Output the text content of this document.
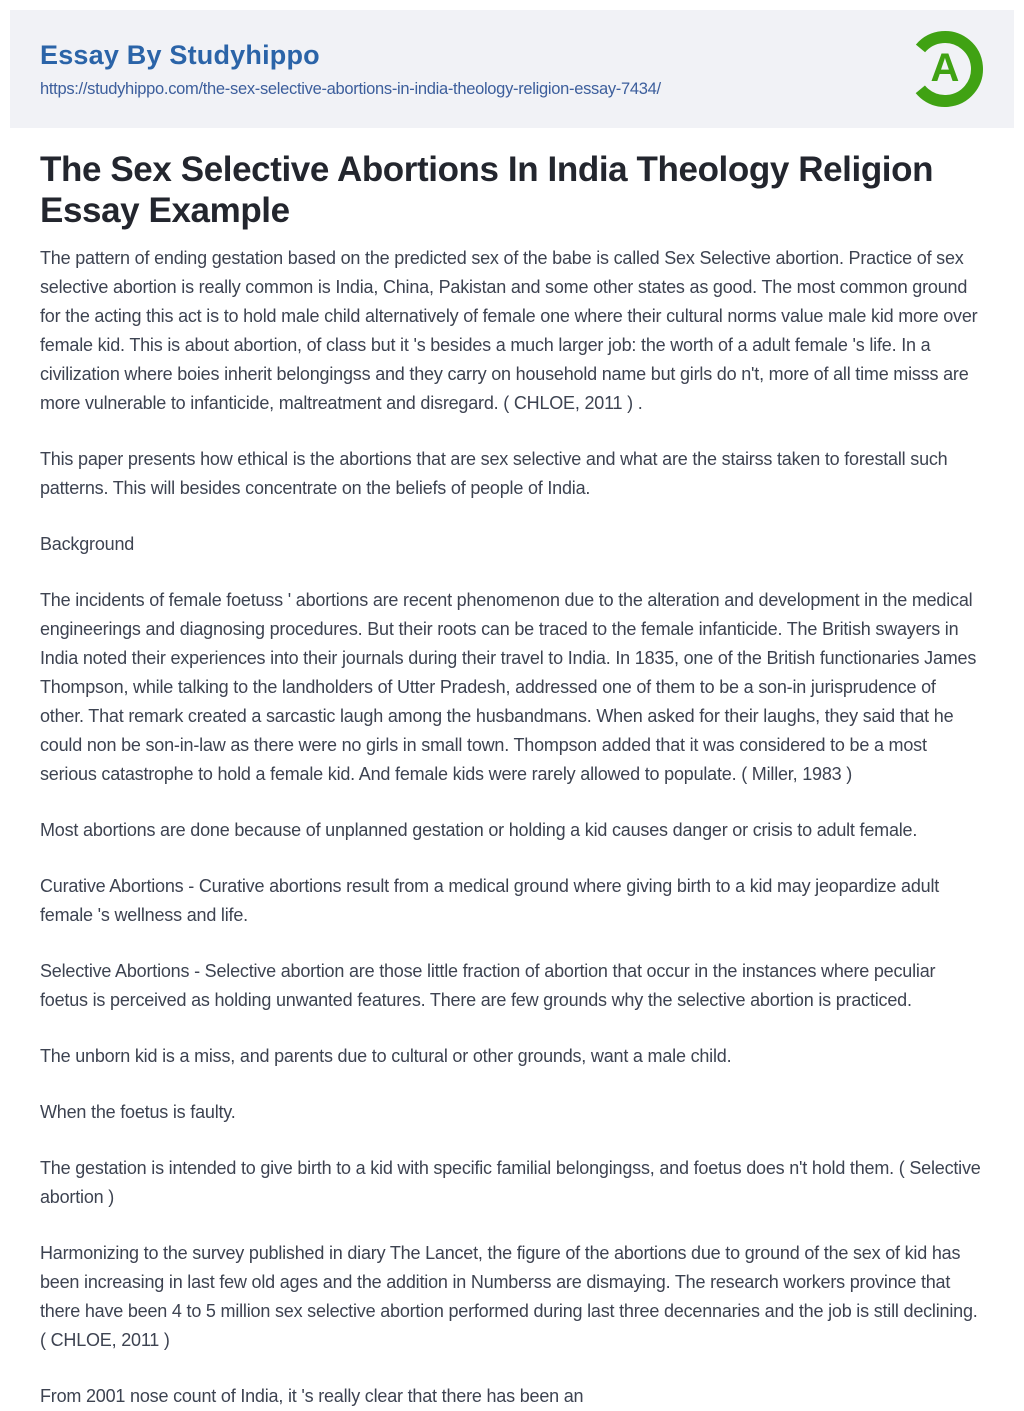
Essay By Studyhippo
https://studyhippo.com/the-sex-selective-abortions-in-india-theology-religion-essay-7434/	A
The Sex Selective Abortions In India Theology Religion Essay Example

The pattern of ending gestation based on the predicted sex of the babe is called Sex Selective abortion. Practice of sex selective abortion is really common is India, China, Pakistan and some other states as good. The most common ground for the acting this act is to hold male child alternatively of female one where their cultural norms value male kid more over female kid. This is about abortion, of class but it 's besides a much larger job: the worth of a adult female 's life. In a civilization where boies inherit belongingss and they carry on household name but girls do n't, more of all time misss are more vulnerable to infanticide, maltreatment and disregard. ( CHLOE, 2011 ) .

This paper presents how ethical is the abortions that are sex selective and what are the stairss taken to forestall such patterns. This will besides concentrate on the beliefs of people of India.

Background

The incidents of female foetuss ' abortions are recent phenomenon due to the alteration and development in the medical engineerings and diagnosing procedures. But their roots can be traced to the female infanticide. The British swayers in India noted their experiences into their journals during their travel to India. In 1835, one of the British functionaries James Thompson, while talking to the landholders of Utter Pradesh, addressed one of them to be a son-in jurisprudence of other. That remark created a sarcastic laugh among the husbandmans. When asked for their laughs, they said that he could non be son-in-law as there were no girls in small town. Thompson added that it was considered to be a most serious catastrophe to hold a female kid. And female kids were rarely allowed to populate. ( Miller, 1983 )

Most abortions are done because of unplanned gestation or holding a kid causes danger or crisis to adult female.

Curative Abortions - Curative abortions result from a medical ground where giving birth to a kid may jeopardize adult female 's wellness and life.

Selective Abortions - Selective abortion are those little fraction of abortion that occur in the instances where peculiar foetus is perceived as holding unwanted features. There are few grounds why the selective abortion is practiced.

The unborn kid is a miss, and parents due to cultural or other grounds, want a male child.

When the foetus is faulty.

The gestation is intended to give birth to a kid with specific familial belongingss, and foetus does n't hold them. ( Selective abortion )

Harmonizing to the survey published in diary The Lancet, the figure of the abortions due to ground of the sex of kid has been increasing in last few old ages and the addition in Numberss are dismaying. The research workers province that there have been 4 to 5 million sex selective abortion performed during last three decennaries and the job is still declining. ( CHLOE, 2011 )

From 2001 nose count of India, it 's really clear that there has been an
